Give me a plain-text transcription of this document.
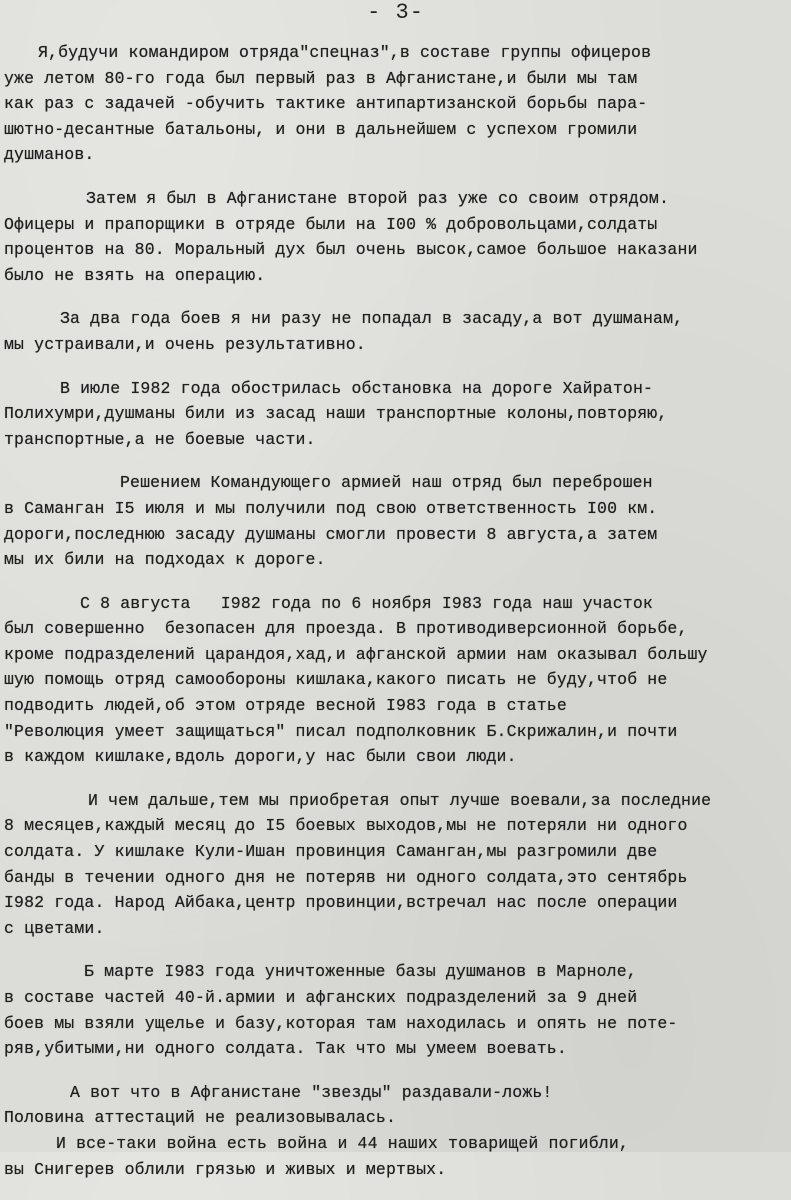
- 3-
Я,будучи командиром отряда"спецназ",в составе группы офицеров
уже летом 80-го года был первый раз в Афганистане,и были мы там
как раз с задачей -обучить тактике антипартизанской борьбы пара-
шютно-десантные батальоны, и они в дальнейшем с успехом громили
душманов.
Затем я был в Афганистане второй раз уже со своим отрядом.
Офицеры и прапорщики в отряде были на I00 % добровольцами,солдаты
процентов на 80. Моральный дух был очень высок,самое большое наказани
было не взять на операцию.
За два года боев я ни разу не попадал в засаду,а вот душманам,
мы устраивали,и очень результативно.
В июле I982 года обострилась обстановка на дороге Хайратон-
Полихумри,душманы били из засад наши транспортные колоны,повторяю,
транспортные,а не боевые части.
Решением Командующего армией наш отряд был переброшен
в Саманган I5 июля и мы получили под свою ответственность I00 км.
дороги,последнюю засаду душманы смогли провести 8 августа,а затем
мы их били на подходах к дороге.
С 8 августа   I982 года по 6 ноября I983 года наш участок
был совершенно  безопасен для проезда. В противодиверсионной борьбе,
кроме подразделений царандоя,хад,и афганской армии нам оказывал большу
шую помощь отряд самообороны кишлака,какого писать не буду,чтоб не
подводить людей,об этом отряде весной I983 года в статье
"Революция умеет защищаться" писал подполковник Б.Скрижалин,и почти
в каждом кишлаке,вдоль дороги,у нас были свои люди.
И чем дальше,тем мы приобретая опыт лучше воевали,за последние
8 месяцев,каждый месяц до I5 боевых выходов,мы не потеряли ни одного
солдата. У кишлаке Кули-Ишан провинция Саманган,мы разгромили две
банды в течении одного дня не потеряв ни одного солдата,это сентябрь
I982 года. Народ Айбака,центр провинции,встречал нас после операции
с цветами.
Б марте I983 года уничтоженные базы душманов в Марноле,
в составе частей 40-й.армии и афганских подразделений за 9 дней
боев мы взяли ущелье и базу,которая там находилась и опять не поте-
ряв,убитыми,ни одного солдата. Так что мы умеем воевать.
А вот что в Афганистане "звезды" раздавали-ложь!
Половина аттестаций не реализовывалась.
И все-таки война есть война и 44 наших товарищей погибли,
вы Снигерев облили грязью и живых и мертвых.
